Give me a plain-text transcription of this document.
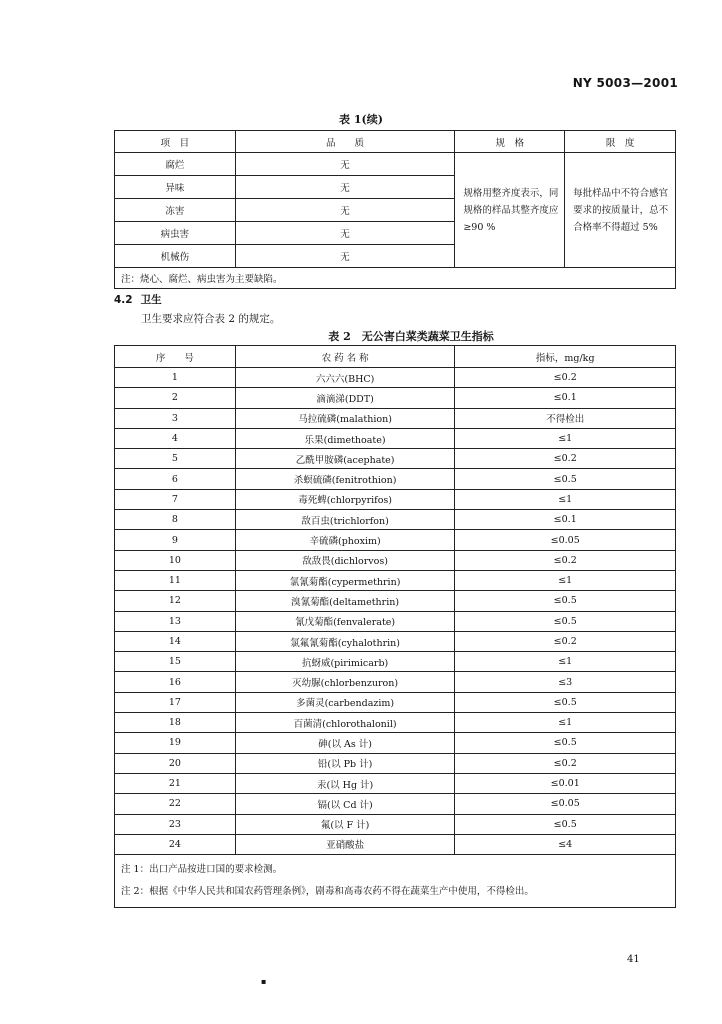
NY 5003—2001
表 1(续)
项　目	品　　质	规　格	限　度
腐烂	无	规格用整齐度表示，同规格的样品其整齐度应≥90 %	每批样品中不符合感官要求的按质量计，总不合格率不得超过 5%
异味	无		
冻害	无		
病虫害	无		
机械伤	无		
注：烧心、腐烂、病虫害为主要缺陷。			
4.2 卫生
卫生要求应符合表 2 的规定。
表 2　无公害白菜类蔬菜卫生指标
序　　号	农 药 名 称	指标，mg/kg
1	六六六(BHC)	≤0.2
2	滴滴涕(DDT)	≤0.1
3	马拉硫磷(malathion)	不得检出
4	乐果(dimethoate)	≤1
5	乙酰甲胺磷(acephate)	≤0.2
6	杀螟硫磷(fenitrothion)	≤0.5
7	毒死蜱(chlorpyrifos)	≤1
8	敌百虫(trichlorfon)	≤0.1
9	辛硫磷(phoxim)	≤0.05
10	敌敌畏(dichlorvos)	≤0.2
11	氯氰菊酯(cypermethrin)	≤1
12	溴氰菊酯(deltamethrin)	≤0.5
13	氰戊菊酯(fenvalerate)	≤0.5
14	氯氟氰菊酯(cyhalothrin)	≤0.2
15	抗蚜威(pirimicarb)	≤1
16	灭幼脲(chlorbenzuron)	≤3
17	多菌灵(carbendazim)	≤0.5
18	百菌清(chlorothalonil)	≤1
19	砷(以 As 计)	≤0.5
20	铅(以 Pb 计)	≤0.2
21	汞(以 Hg 计)	≤0.01
22	镉(以 Cd 计)	≤0.05
23	氟(以 F 计)	≤0.5
24	亚硝酸盐	≤4

注 1：出口产品按进口国的要求检测。
注 2：根据《中华人民共和国农药管理条例》，剧毒和高毒农药不得在蔬菜生产中使用，不得检出。		
41
▪
